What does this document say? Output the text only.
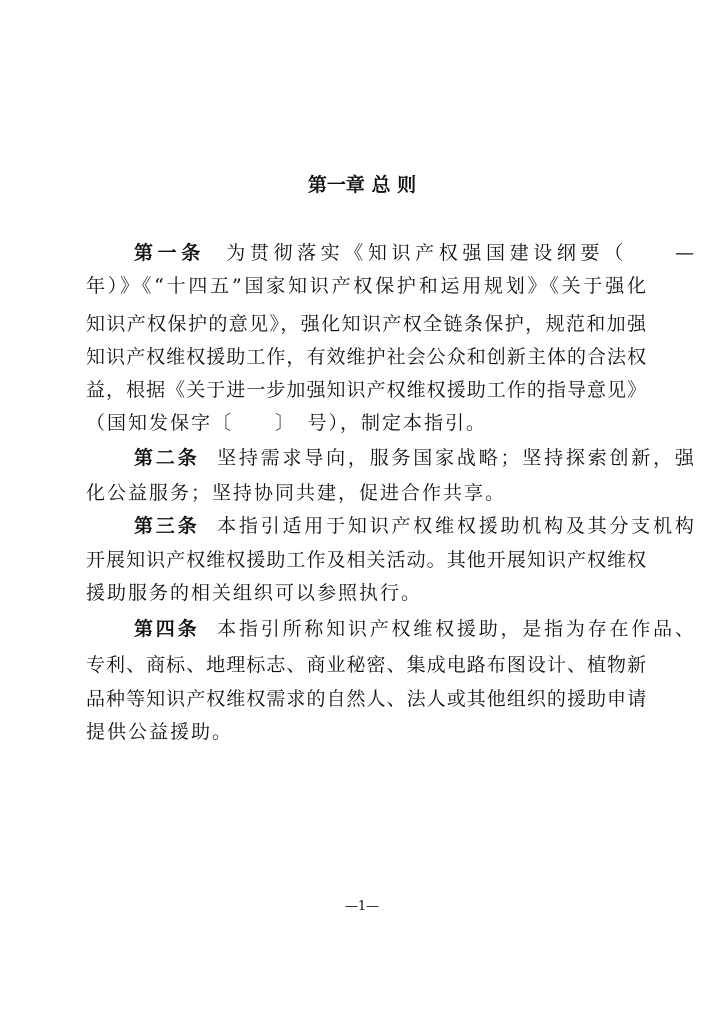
第一章 总 则
第一条 为贯彻落实《知识产权强国建设纲要（　　—
年）》《“十四五”国家知识产权保护和运用规划》《关于强化
知识产权保护的意见》，强化知识产权全链条保护，规范和加强
知识产权维权援助工作，有效维护社会公众和创新主体的合法权
益，根据《关于进一步加强知识产权维权援助工作的指导意见》
（国知发保字〔　　〕　号），制定本指引。
第二条 坚持需求导向，服务国家战略；坚持探索创新，强
化公益服务；坚持协同共建，促进合作共享。
第三条 本指引适用于知识产权维权援助机构及其分支机构
开展知识产权维权援助工作及相关活动。其他开展知识产权维权
援助服务的相关组织可以参照执行。
第四条 本指引所称知识产权维权援助，是指为存在作品、
专利、商标、地理标志、商业秘密、集成电路布图设计、植物新
品种等知识产权维权需求的自然人、法人或其他组织的援助申请
提供公益援助。
—1—
